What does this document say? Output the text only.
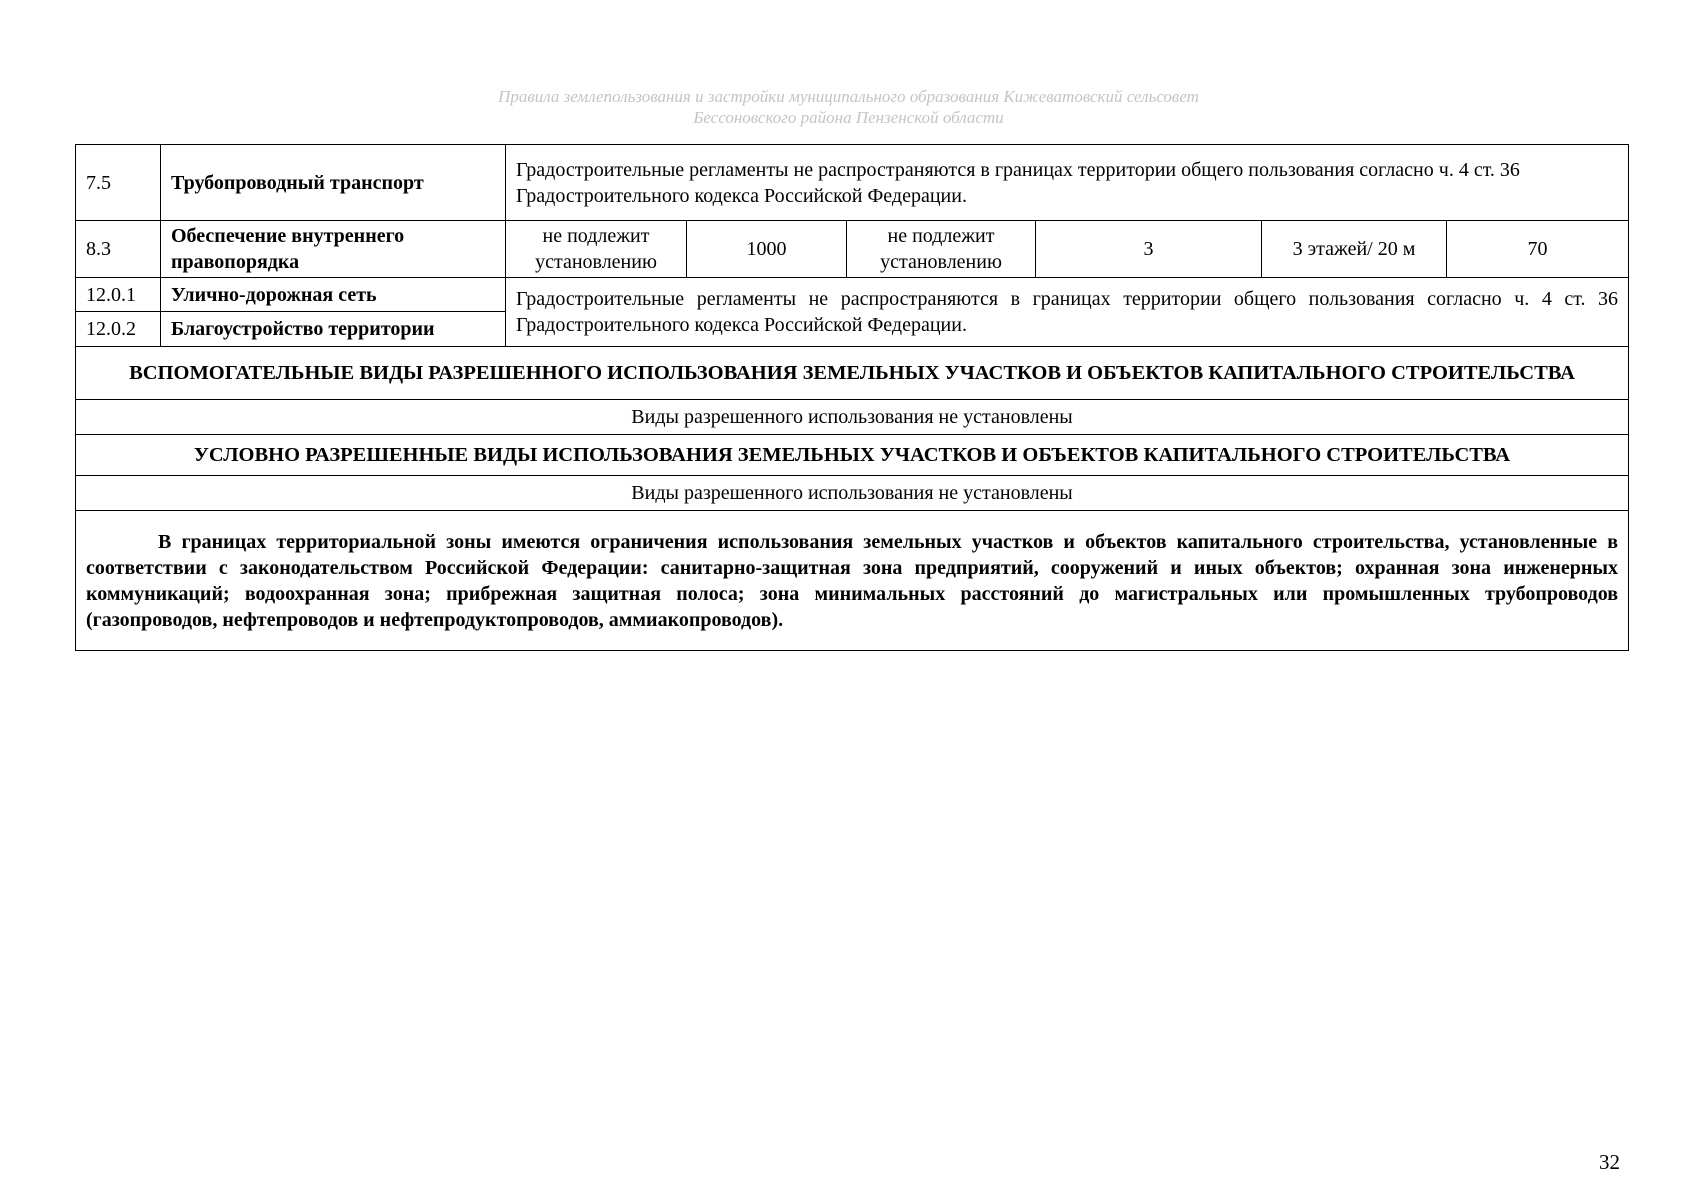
Правила землепользования и застройки муниципального образования Кижеватовский сельсовет
Бессоновского района Пензенской области
7.5	Трубопроводный транспорт	Градостроительные регламенты не распространяются в границах территории общего пользования согласно ч. 4 ст. 36 Градостроительного кодекса Российской Федерации.					
8.3	Обеспечение внутреннего правопорядка	не подлежит установлению	1000	не подлежит установлению	3	3 этажей/ 20 м	70
12.0.1	Улично-дорожная сеть	Градостроительные регламенты не распространяются в границах территории общего пользования согласно ч. 4 ст. 36 Градостроительного кодекса Российской Федерации.					
12.0.2	Благоустройство территории						
ВСПОМОГАТЕЛЬНЫЕ ВИДЫ РАЗРЕШЕННОГО ИСПОЛЬЗОВАНИЯ ЗЕМЕЛЬНЫХ УЧАСТКОВ И ОБЪЕКТОВ КАПИТАЛЬНОГО СТРОИТЕЛЬСТВА							
Виды разрешенного использования не установлены							
УСЛОВНО РАЗРЕШЕННЫЕ ВИДЫ ИСПОЛЬЗОВАНИЯ ЗЕМЕЛЬНЫХ УЧАСТКОВ И ОБЪЕКТОВ КАПИТАЛЬНОГО СТРОИТЕЛЬСТВА							
Виды разрешенного использования не установлены							
В границах территориальной зоны имеются ограничения использования земельных участков и объектов капитального строительства, установленные в соответствии с законодательством Российской Федерации: санитарно-защитная зона предприятий, сооружений и иных объектов; охранная зона инженерных коммуникаций; водоохранная зона; прибрежная защитная полоса; зона минимальных расстояний до магистральных или промышленных трубопроводов (газопроводов, нефтепроводов и нефтепродуктопроводов, аммиакопроводов).							
32
